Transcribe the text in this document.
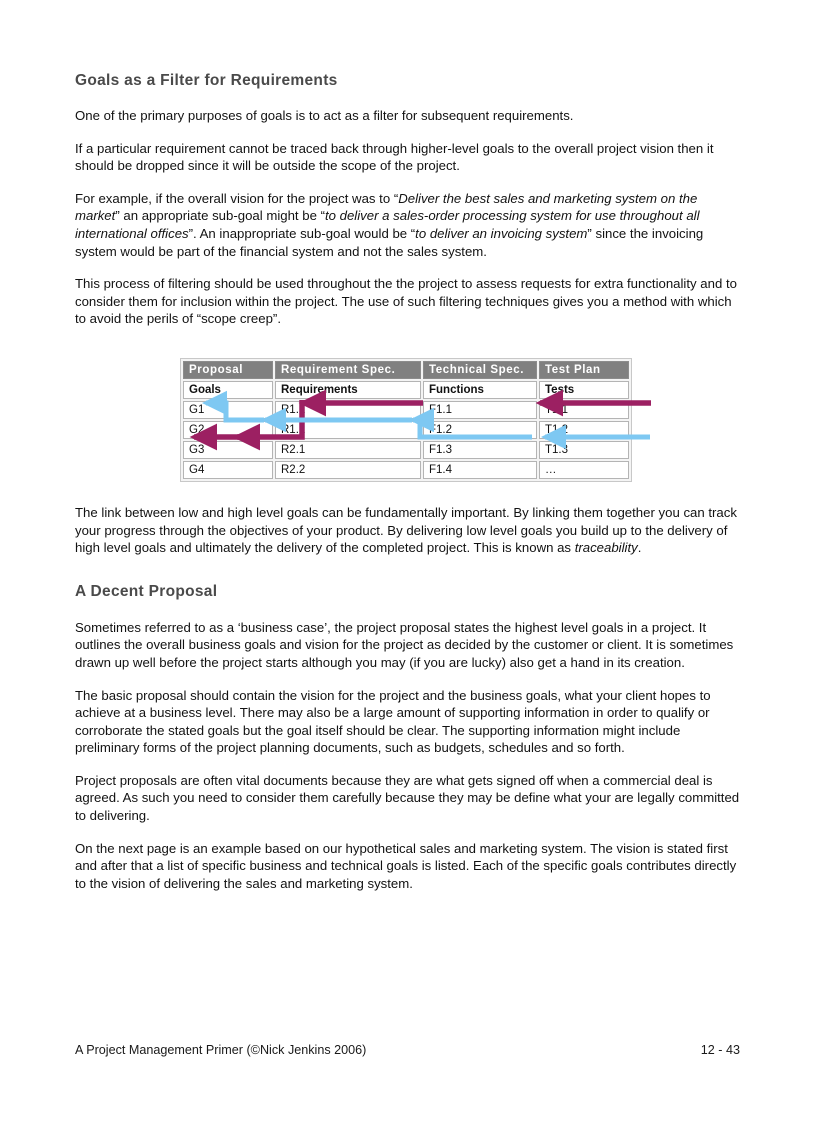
Goals as a Filter for Requirements

One of the primary purposes of goals is to act as a filter for subsequent requirements.

If a particular requirement cannot be traced back through higher-level goals to the overall project vision then it should be dropped since it will be outside the scope of the project.

For example, if the overall vision for the project was to “Deliver the best sales and marketing system on the market” an appropriate sub-goal might be “to deliver a sales-order processing system for use throughout all international offices”. An inappropriate sub-goal would be “to deliver an invoicing system” since the invoicing system would be part of the financial system and not the sales system.

This process of filtering should be used throughout the the project to assess requests for extra functionality and to consider them for inclusion within the project. The use of such filtering techniques gives you a method with which to avoid the perils of “scope creep”.

Proposal	Requirement Spec.	Technical Spec.	Test Plan
Goals	Requirements	Functions	Tests
G1	R1.1	F1.1	T1.1
G2	R1.2	F1.2	T1.2
G3	R2.1	F1.3	T1.3
G4	R2.2	F1.4	…

The link between low and high level goals can be fundamentally important. By linking them together you can track your progress through the objectives of your product. By delivering low level goals you build up to the delivery of high level goals and ultimately the delivery of the completed project. This is known as traceability.

A Decent Proposal

Sometimes referred to as a ‘business case’, the project proposal states the highest level goals in a project. It outlines the overall business goals and vision for the project as decided by the customer or client. It is sometimes drawn up well before the project starts although you may (if you are lucky) also get a hand in its creation.

The basic proposal should contain the vision for the project and the business goals, what your client hopes to achieve at a business level. There may also be a large amount of supporting information in order to qualify or corroborate the stated goals but the goal itself should be clear. The supporting information might include preliminary forms of the project planning documents, such as budgets, schedules and so forth.

Project proposals are often vital documents because they are what gets signed off when a commercial deal is agreed. As such you need to consider them carefully because they may be define what your are legally committed to delivering.

On the next page is an example based on our hypothetical sales and marketing system. The vision is stated first and after that a list of specific business and technical goals is listed. Each of the specific goals contributes directly to the vision of delivering the sales and marketing system.

A Project Management Primer (©Nick Jenkins 2006)	12 - 43
